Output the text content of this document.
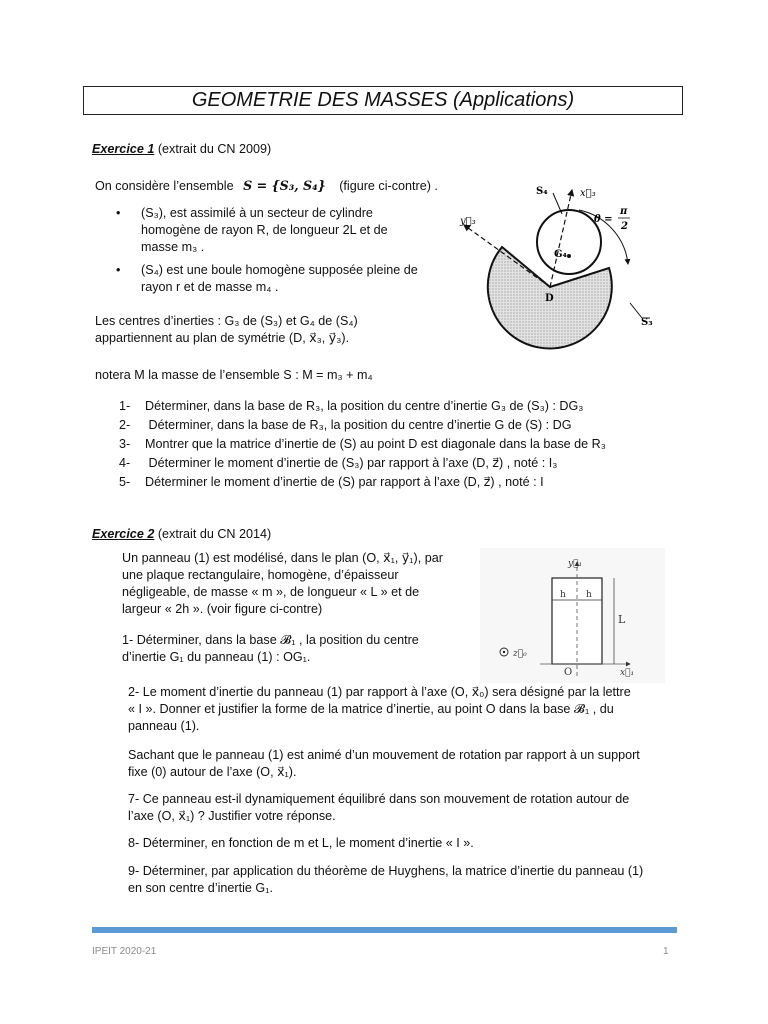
GEOMETRIE DES MASSES (Applications)
Exercice 1 (extrait du CN 2009)
On considère l’ensemble S = {S₃, S₄} (figure ci-contre) .
• (S₃), est assimilé à un secteur de cylindre
homogène de rayon R, de longueur 2L et de
masse m₃ .
• (S₄) est une boule homogène supposée pleine de
rayon r et de masse m₄ .
Les centres d’inerties : G₃ de (S₃) et G₄ de (S₄)
appartiennent au plan de symétrie (D, x⃗₃, y⃗₃).
notera M la masse de l’ensemble S : M = m₃ + m₄
1- Déterminer, dans la base de R₃, la position du centre d’inertie G₃ de (S₃) : DG₃
2- Déterminer, dans la base de R₃, la position du centre d’inertie G de (S) : DG
3- Montrer que la matrice d’inertie de (S) au point D est diagonale dans la base de R₃
4- Déterminer le moment d’inertie de (S₃) par rapport à l’axe (D, z⃗) , noté : I₃
5- Déterminer le moment d’inertie de (S) par rapport à l’axe (D, z⃗) , noté : I
S₄	x⃗₃
θ =
π
2
y⃗₃
G₄
D
S₃
Exercice 2 (extrait du CN 2014)
Un panneau (1) est modélisé, dans le plan (O, x⃗₁, y⃗₁), par
une plaque rectangulaire, homogène, d’épaisseur
négligeable, de masse « m », de longueur « L » et de
largeur « 2h ». (voir figure ci-contre)
1- Déterminer, dans la base 𝓑₁ , la position du centre
d’inertie G₁ du panneau (1) : OG₁.
2- Le moment d’inertie du panneau (1) par rapport à l’axe (O, x⃗₀) sera désigné par la lettre
« I ». Donner et justifier la forme de la matrice d’inertie, au point O dans la base 𝓑₁ , du
panneau (1).
Sachant que le panneau (1) est animé d’un mouvement de rotation par rapport à un support
fixe (0) autour de l’axe (O, x⃗₁).
7- Ce panneau est-il dynamiquement équilibré dans son mouvement de rotation autour de
l’axe (O, x⃗₁) ? Justifier votre réponse.
8- Déterminer, en fonction de m et L, le moment d’inertie « I ».
9- Déterminer, par application du théorème de Huyghens, la matrice d’inertie du panneau (1)
en son centre d’inertie G₁.
y⃗₁
h h
L
z⃗₀
O	x⃗₁
IPEIT 2020-21	1
